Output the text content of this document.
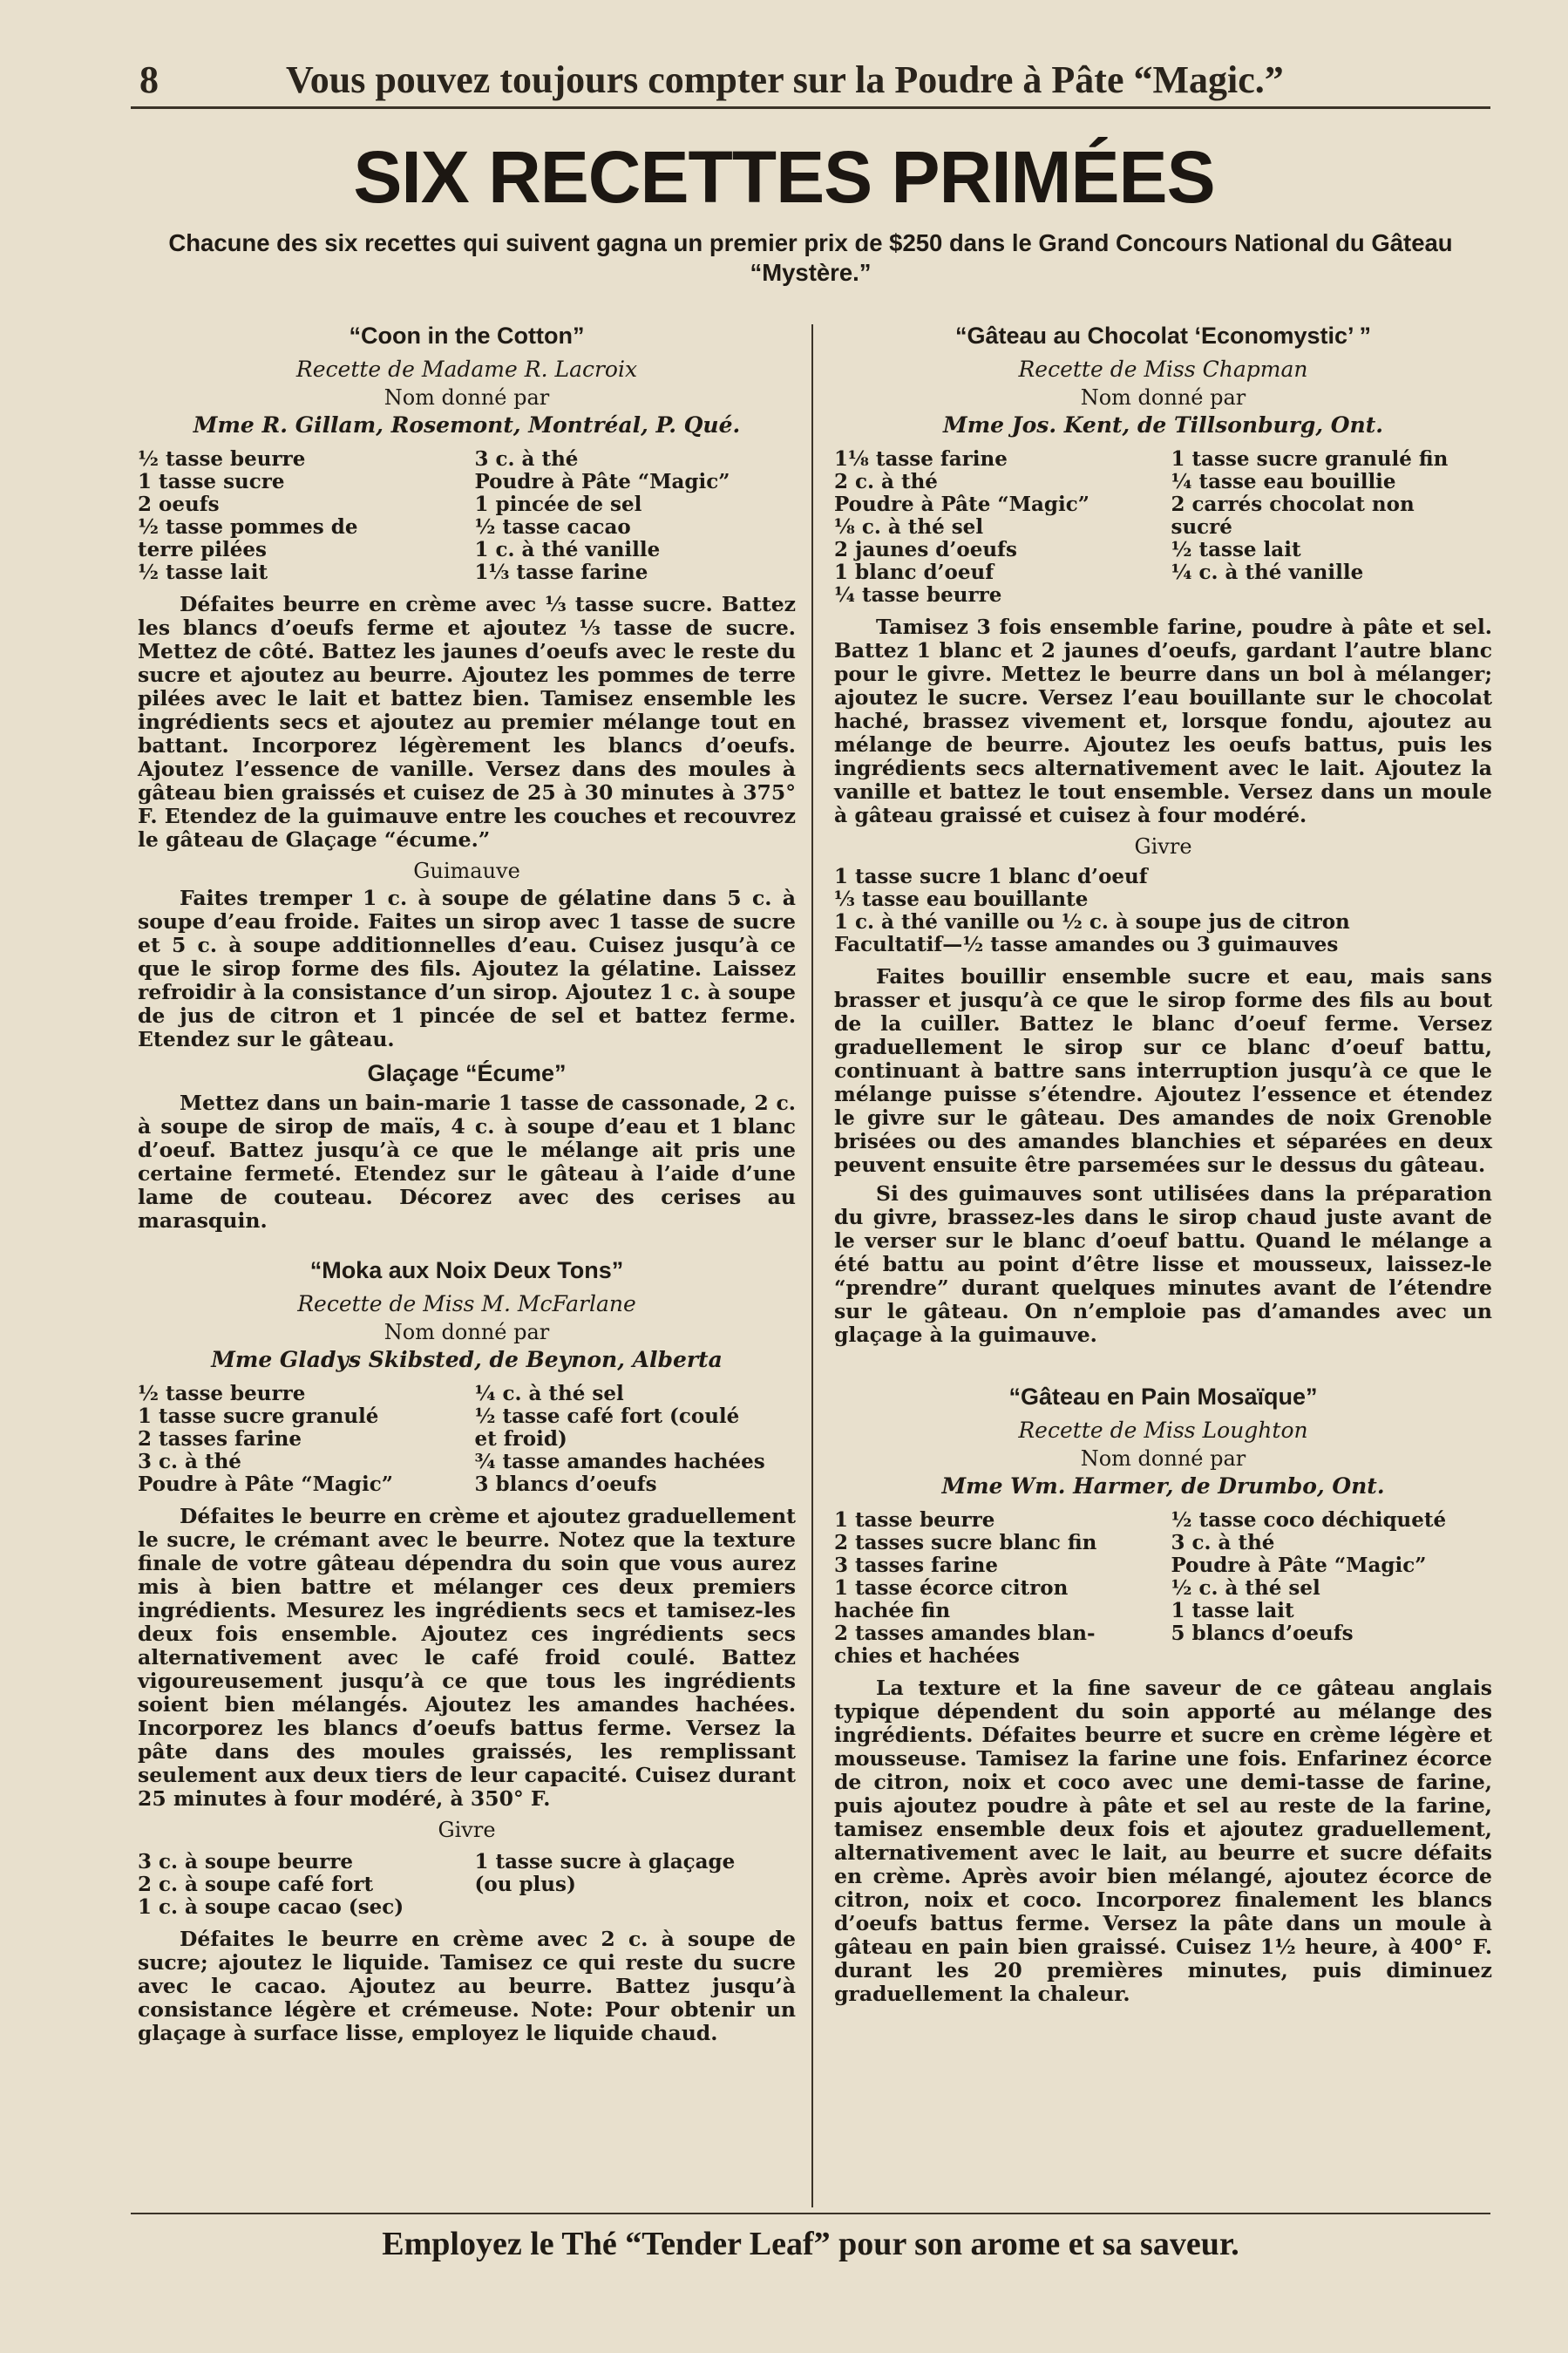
8	Vous pouvez toujours compter sur la Poudre à Pâte “Magic.”
SIX RECETTES PRIMÉES
Chacune des six recettes qui suivent gagna un premier prix de $250 dans le Grand Concours National du Gâteau “Mystère.”
“Coon in the Cotton”
Recette de Madame R. Lacroix
Nom donné par
Mme R. Gillam, Rosemont, Montréal, P. Qué.
½ tasse beurre
1 tasse sucre
2 oeufs
½ tasse pommes de
terre pilées
½ tasse lait
3 c. à thé
Poudre à Pâte “Magic”
1 pincée de sel
½ tasse cacao
1 c. à thé vanille
1⅓ tasse farine

Défaites beurre en crème avec ⅓ tasse sucre. Battez les blancs d’oeufs ferme et ajoutez ⅓ tasse de sucre. Mettez de côté. Battez les jaunes d’oeufs avec le reste du sucre et ajoutez au beurre. Ajoutez les pommes de terre pilées avec le lait et battez bien. Tamisez ensemble les ingrédients secs et ajoutez au premier mélange tout en battant. Incorporez légèrement les blancs d’oeufs. Ajoutez l’essence de vanille. Versez dans des moules à gâteau bien graissés et cuisez de 25 à 30 minutes à 375° F. Etendez de la guimauve entre les couches et recouvrez le gâteau de Glaçage “écume.”

Guimauve

Faites tremper 1 c. à soupe de gélatine dans 5 c. à soupe d’eau froide. Faites un sirop avec 1 tasse de sucre et 5 c. à soupe additionnelles d’eau. Cuisez jusqu’à ce que le sirop forme des fils. Ajoutez la gélatine. Laissez refroidir à la consistance d’un sirop. Ajoutez 1 c. à soupe de jus de citron et 1 pincée de sel et battez ferme. Etendez sur le gâteau.

Glaçage “Écume”

Mettez dans un bain-marie 1 tasse de cassonade, 2 c. à soupe de sirop de maïs, 4 c. à soupe d’eau et 1 blanc d’oeuf. Battez jusqu’à ce que le mélange ait pris une certaine fermeté. Etendez sur le gâteau à l’aide d’une lame de couteau. Décorez avec des cerises au marasquin.

“Moka aux Noix Deux Tons”
Recette de Miss M. McFarlane
Nom donné par
Mme Gladys Skibsted, de Beynon, Alberta
½ tasse beurre
1 tasse sucre granulé
2 tasses farine
3 c. à thé
Poudre à Pâte “Magic”
¼ c. à thé sel
½ tasse café fort (coulé
et froid)
¾ tasse amandes hachées
3 blancs d’oeufs

Défaites le beurre en crème et ajoutez graduellement le sucre, le crémant avec le beurre. Notez que la texture finale de votre gâteau dépendra du soin que vous aurez mis à bien battre et mélanger ces deux premiers ingrédients. Mesurez les ingrédients secs et tamisez-les deux fois ensemble. Ajoutez ces ingrédients secs alternativement avec le café froid coulé. Battez vigoureusement jusqu’à ce que tous les ingrédients soient bien mélangés. Ajoutez les amandes hachées. Incorporez les blancs d’oeufs battus ferme. Versez la pâte dans des moules graissés, les remplissant seulement aux deux tiers de leur capacité. Cuisez durant 25 minutes à four modéré, à 350° F.

Givre
3 c. à soupe beurre
2 c. à soupe café fort
1 c. à soupe cacao (sec)
1 tasse sucre à glaçage
(ou plus)

Défaites le beurre en crème avec 2 c. à soupe de sucre; ajoutez le liquide. Tamisez ce qui reste du sucre avec le cacao. Ajoutez au beurre. Battez jusqu’à consistance légère et crémeuse. Note: Pour obtenir un glaçage à surface lisse, employez le liquide chaud.

“Gâteau au Chocolat ‘Economystic’ ”
Recette de Miss Chapman
Nom donné par
Mme Jos. Kent, de Tillsonburg, Ont.
1⅛ tasse farine
2 c. à thé
Poudre à Pâte “Magic”
⅛ c. à thé sel
2 jaunes d’oeufs
1 blanc d’oeuf
¼ tasse beurre
1 tasse sucre granulé fin
¼ tasse eau bouillie
2 carrés chocolat non
sucré
½ tasse lait
¼ c. à thé vanille

Tamisez 3 fois ensemble farine, poudre à pâte et sel. Battez 1 blanc et 2 jaunes d’oeufs, gardant l’autre blanc pour le givre. Mettez le beurre dans un bol à mélanger; ajoutez le sucre. Versez l’eau bouillante sur le chocolat haché, brassez vivement et, lorsque fondu, ajoutez au mélange de beurre. Ajoutez les oeufs battus, puis les ingrédients secs alternativement avec le lait. Ajoutez la vanille et battez le tout ensemble. Versez dans un moule à gâteau graissé et cuisez à four modéré.

Givre
1 tasse sucre 1 blanc d’oeuf
⅓ tasse eau bouillante
1 c. à thé vanille ou ½ c. à soupe jus de citron
Facultatif—½ tasse amandes ou 3 guimauves

Faites bouillir ensemble sucre et eau, mais sans brasser et jusqu’à ce que le sirop forme des fils au bout de la cuiller. Battez le blanc d’oeuf ferme. Versez graduellement le sirop sur ce blanc d’oeuf battu, continuant à battre sans interruption jusqu’à ce que le mélange puisse s’étendre. Ajoutez l’essence et étendez le givre sur le gâteau. Des amandes de noix Grenoble brisées ou des amandes blanchies et séparées en deux peuvent ensuite être parsemées sur le dessus du gâteau.

Si des guimauves sont utilisées dans la préparation du givre, brassez-les dans le sirop chaud juste avant de le verser sur le blanc d’oeuf battu. Quand le mélange a été battu au point d’être lisse et mousseux, laissez-le “prendre” durant quelques minutes avant de l’étendre sur le gâteau. On n’emploie pas d’amandes avec un glaçage à la guimauve.

“Gâteau en Pain Mosaïque”
Recette de Miss Loughton
Nom donné par
Mme Wm. Harmer, de Drumbo, Ont.
1 tasse beurre
2 tasses sucre blanc fin
3 tasses farine
1 tasse écorce citron
hachée fin
2 tasses amandes blan-
chies et hachées
½ tasse coco déchiqueté
3 c. à thé
Poudre à Pâte “Magic”
½ c. à thé sel
1 tasse lait
5 blancs d’oeufs

La texture et la fine saveur de ce gâteau anglais typique dépendent du soin apporté au mélange des ingrédients. Défaites beurre et sucre en crème légère et mousseuse. Tamisez la farine une fois. Enfarinez écorce de citron, noix et coco avec une demi-tasse de farine, puis ajoutez poudre à pâte et sel au reste de la farine, tamisez ensemble deux fois et ajoutez graduellement, alternativement avec le lait, au beurre et sucre défaits en crème. Après avoir bien mélangé, ajoutez écorce de citron, noix et coco. Incorporez finalement les blancs d’oeufs battus ferme. Versez la pâte dans un moule à gâteau en pain bien graissé. Cuisez 1½ heure, à 400° F. durant les 20 premières minutes, puis diminuez graduellement la chaleur.

Employez le Thé “Tender Leaf” pour son arome et sa saveur.
